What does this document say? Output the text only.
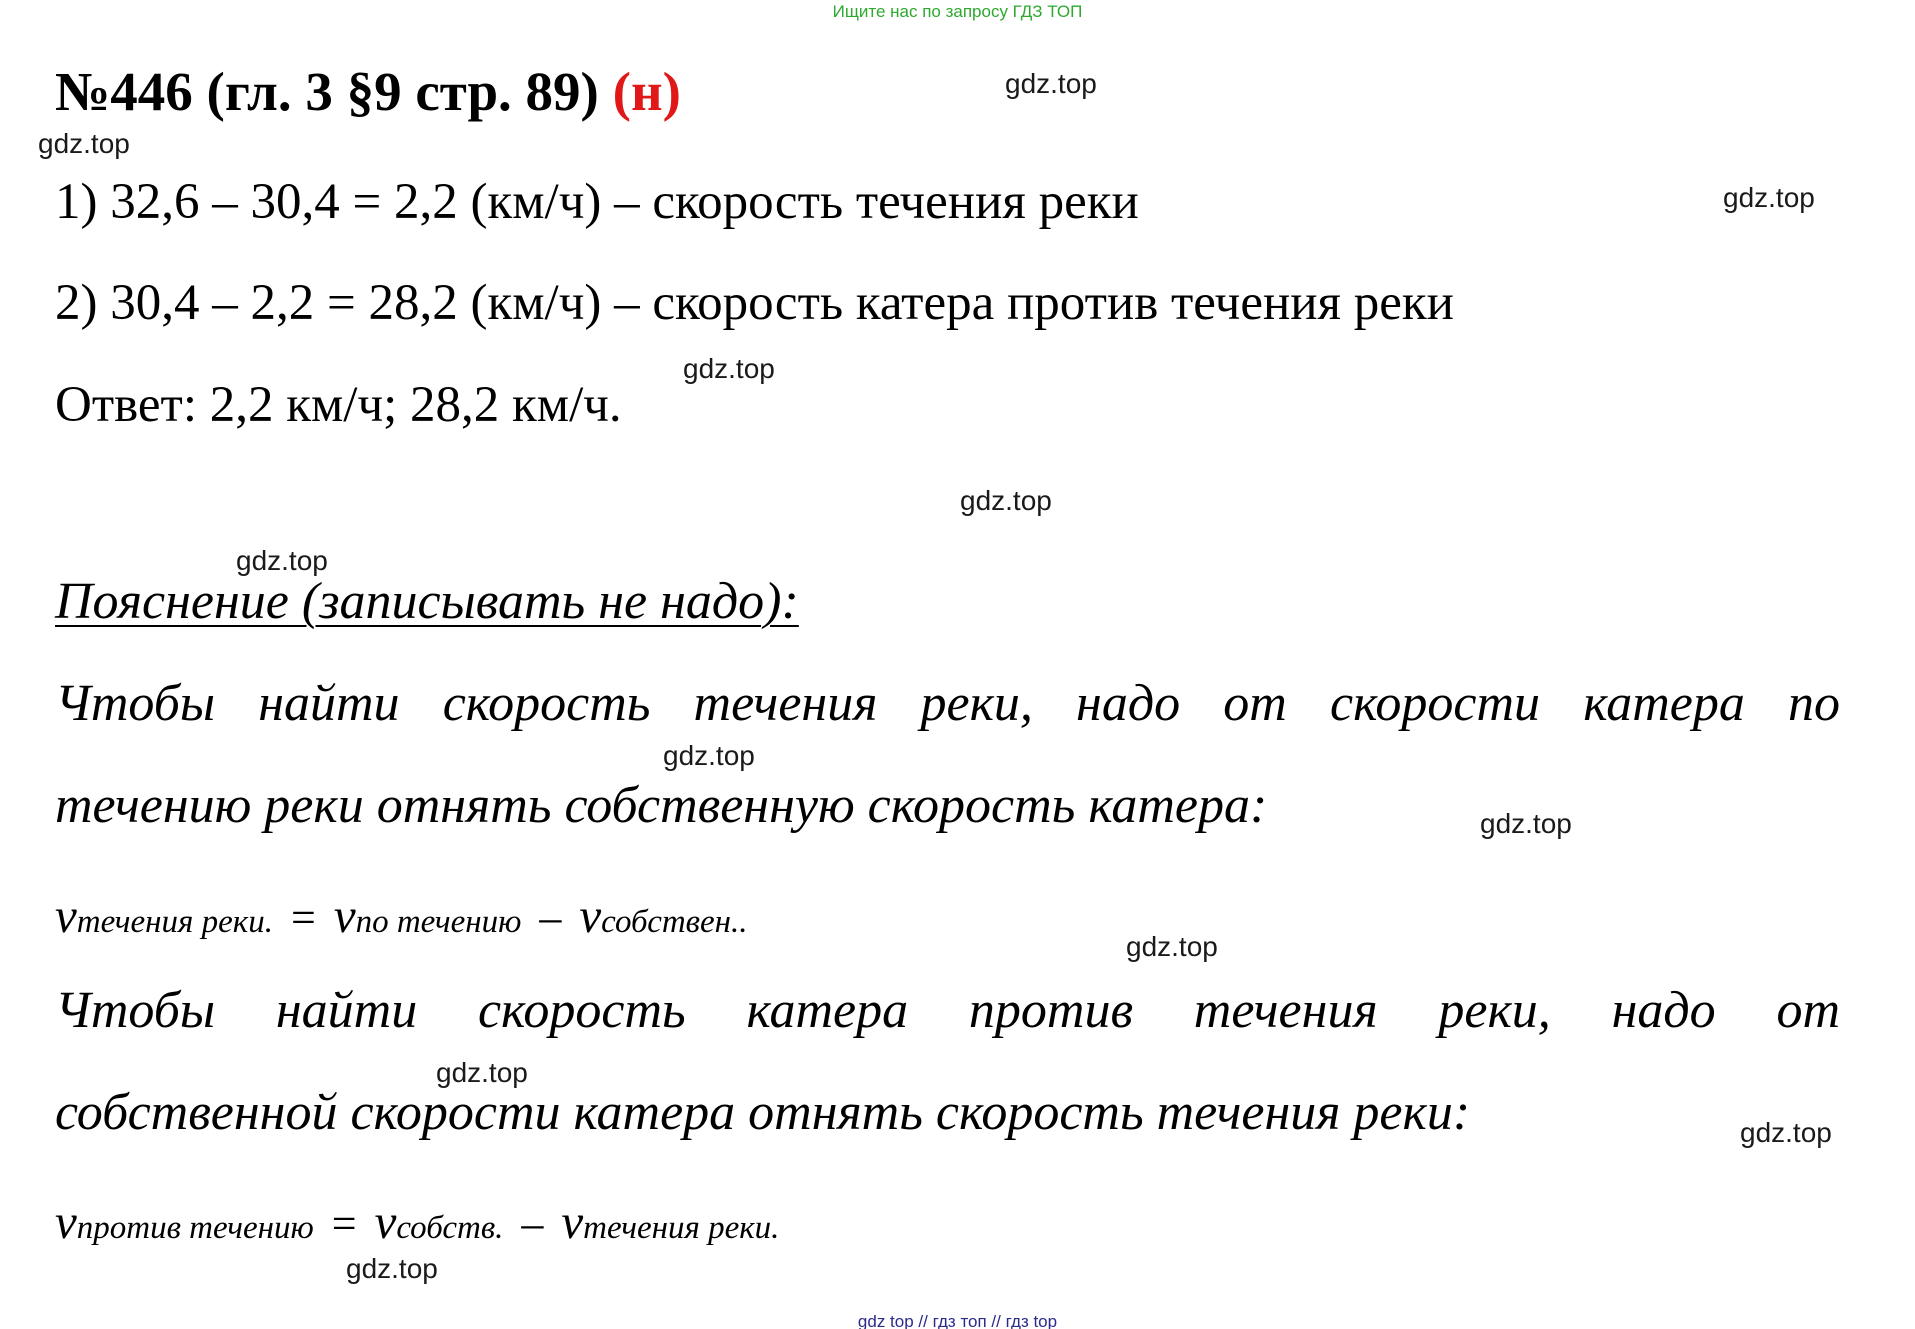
Ищите нас по запросу ГДЗ ТОП
№446 (гл. 3 §9 стр. 89) (н)
1) 32,6 – 30,4 = 2,2 (км/ч) – скорость течения реки
2) 30,4 – 2,2 = 28,2 (км/ч) – скорость катера против течения реки
Ответ: 2,2 км/ч; 28,2 км/ч.
Пояснение (записывать не надо):
Чтобы найти скорость течения реки, надо от скорости катера по
течению реки отнять собственную скорость катера:
vтечения реки. = vпо течению – vсобствен..
Чтобы найти скорость катера против течения реки, надо от
собственной скорости катера отнять скорость течения реки:
vпротив течению = vсобств. – vтечения реки.
gdz.top
gdz.top
gdz.top
gdz.top
gdz.top
gdz.top
gdz.top
gdz.top
gdz.top
gdz.top
gdz.top
gdz.top
gdz top // гдз топ // гдз top
